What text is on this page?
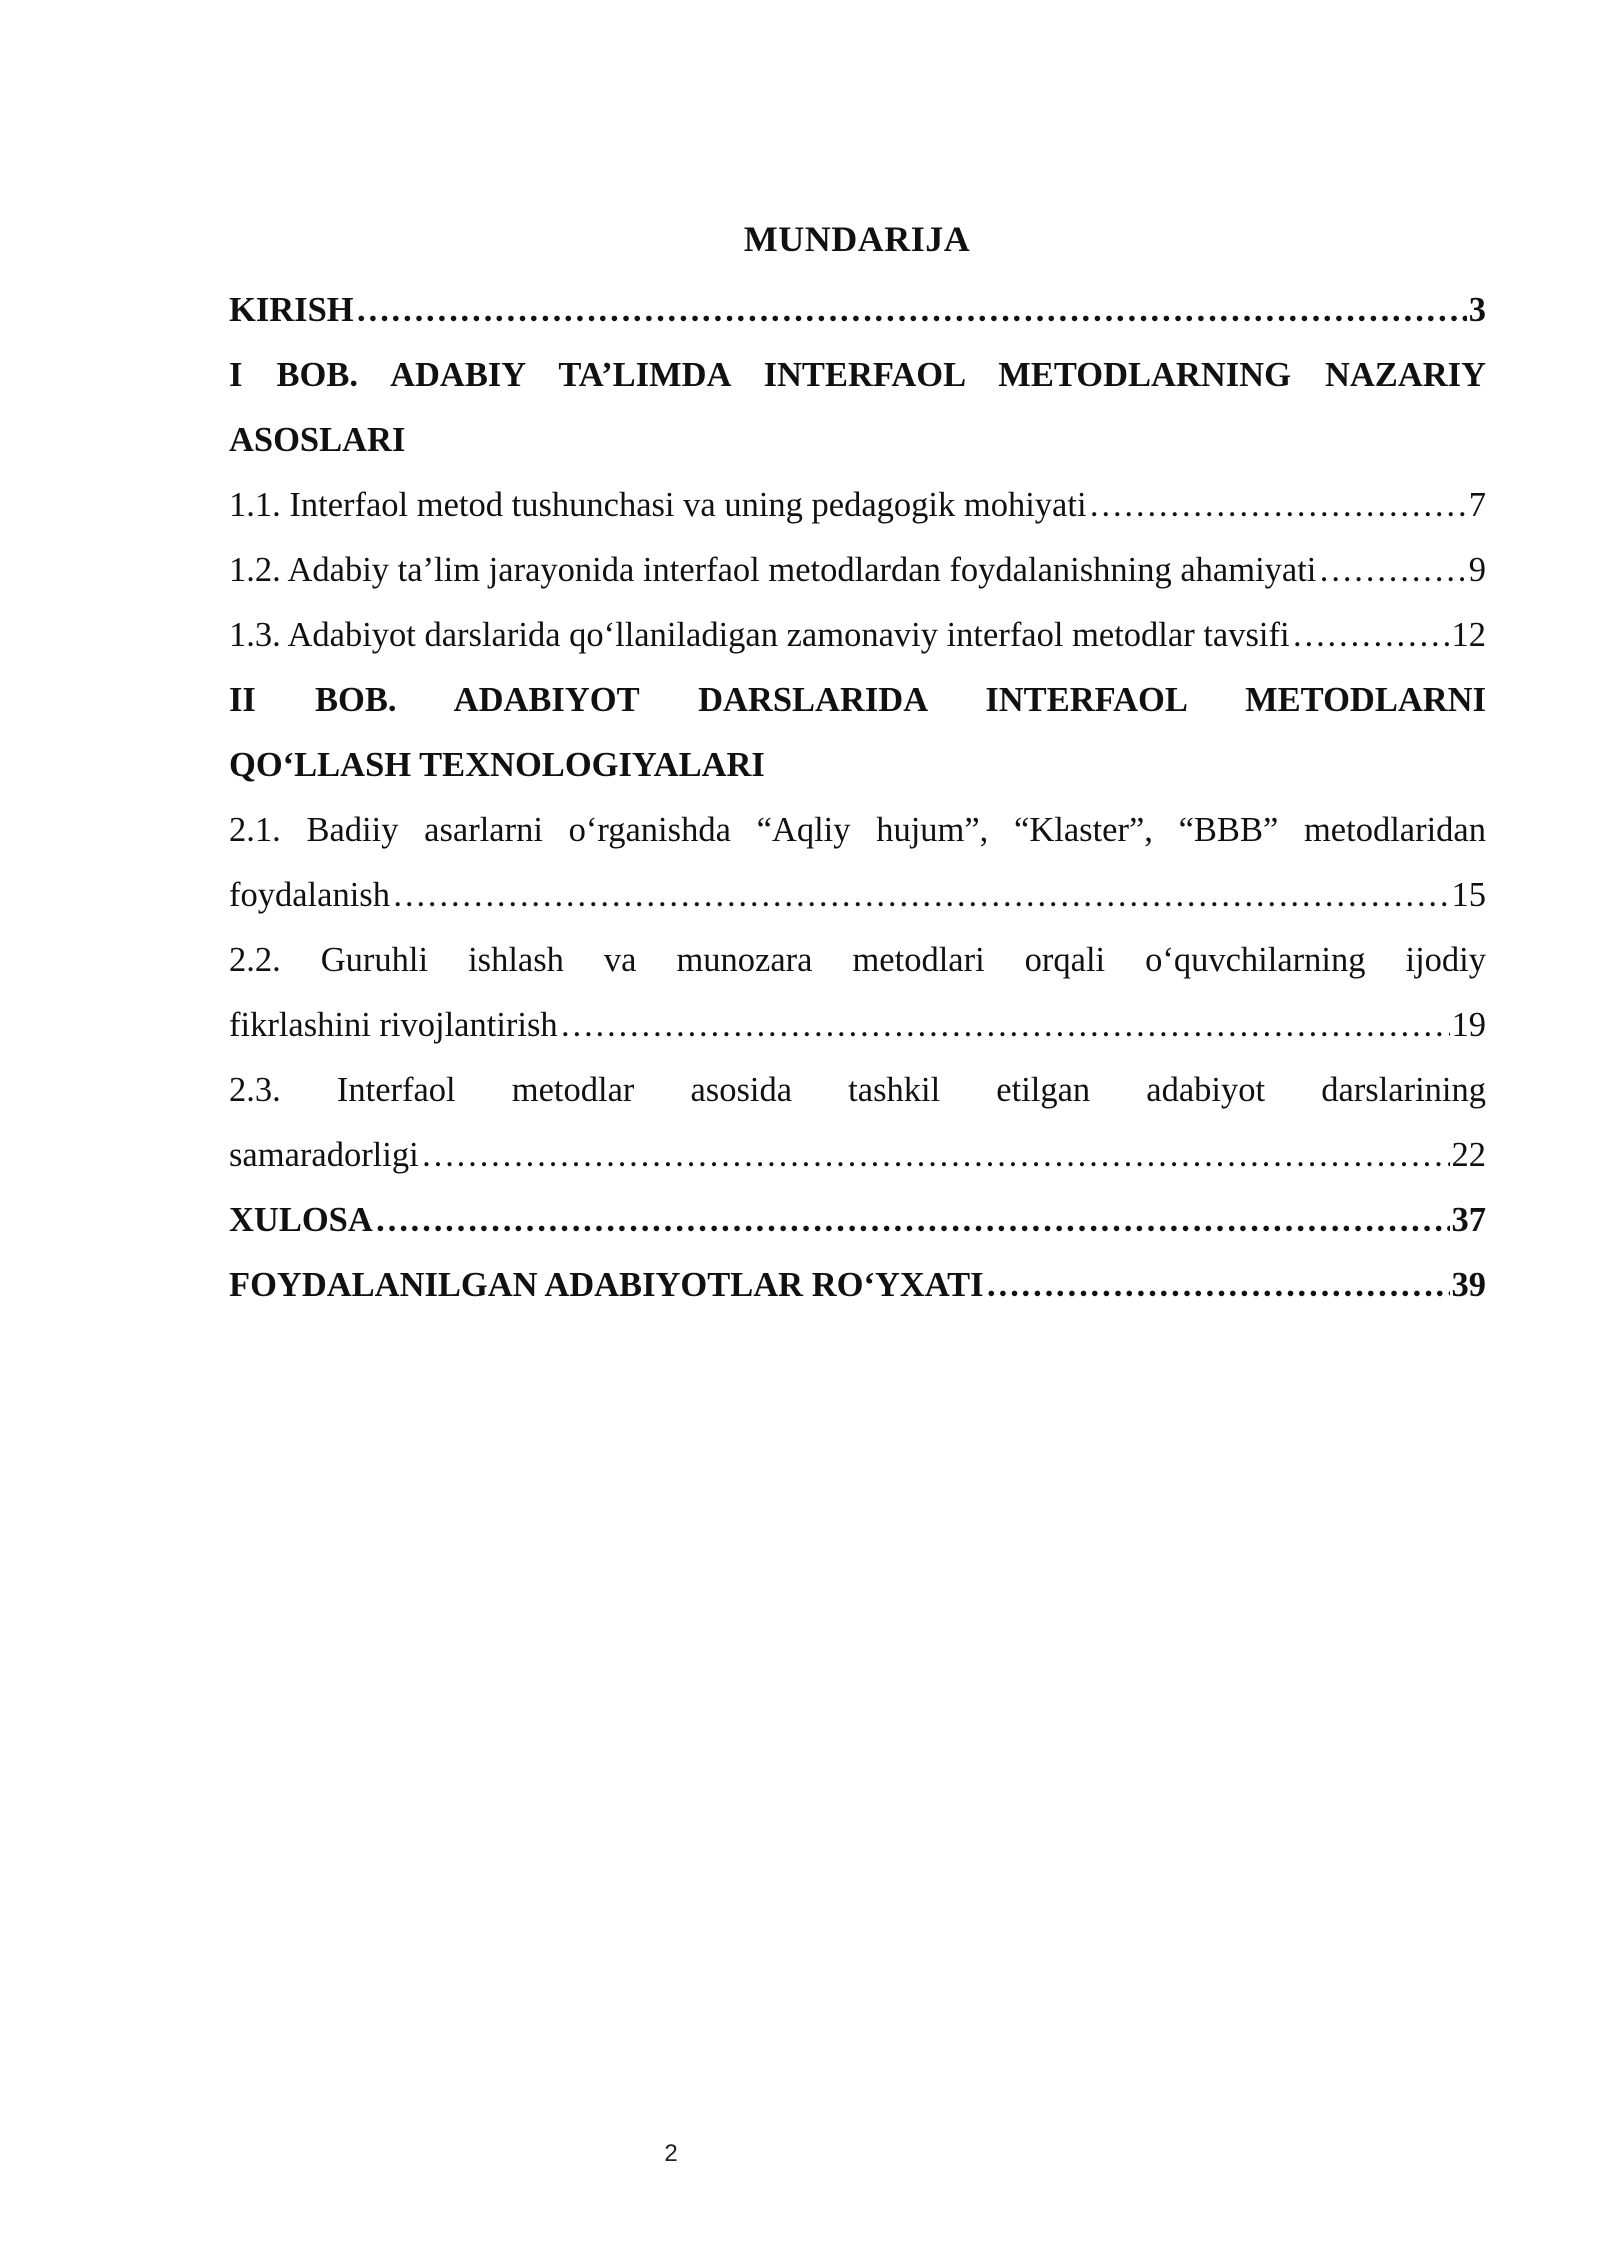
MUNDARIJA
KIRISH ……………………………………………………………………………………………………………………………………………………………………………………………	3
I BOB. ADABIY TA’LIMDA INTERFAOL METODLARNING NAZARIY
ASOSLARI
1.1. Interfaol metod tushunchasi va uning pedagogik mohiyati ……………………………………………………………………………………………………………………………………………………………………………………………	7
1.2. Adabiy ta’lim jarayonida interfaol metodlardan foydalanishning ahamiyati ……………………………………………………………………………………………………………………………………………………………………………………………	9
1.3. Adabiyot darslarida qo‘llaniladigan zamonaviy interfaol metodlar tavsifi ……………………………………………………………………………………………………………………………………………………………………………………………	12
II BOB. ADABIYOT DARSLARIDA INTERFAOL METODLARNI
QO‘LLASH TEXNOLOGIYALARI
2.1. Badiiy asarlarni o‘rganishda “Aqliy hujum”, “Klaster”, “BBB” metodlaridan
foydalanish ……………………………………………………………………………………………………………………………………………………………………………………………	15
2.2. Guruhli ishlash va munozara metodlari orqali o‘quvchilarning ijodiy
fikrlashini rivojlantirish ……………………………………………………………………………………………………………………………………………………………………………………………	19
2.3. Interfaol metodlar asosida tashkil etilgan adabiyot darslarining
samaradorligi ……………………………………………………………………………………………………………………………………………………………………………………………	22
XULOSA ……………………………………………………………………………………………………………………………………………………………………………………………	37
FOYDALANILGAN ADABIYOTLAR RO‘YXATI ……………………………………………………………………………………………………………………………………………………………………………………………	39
2
